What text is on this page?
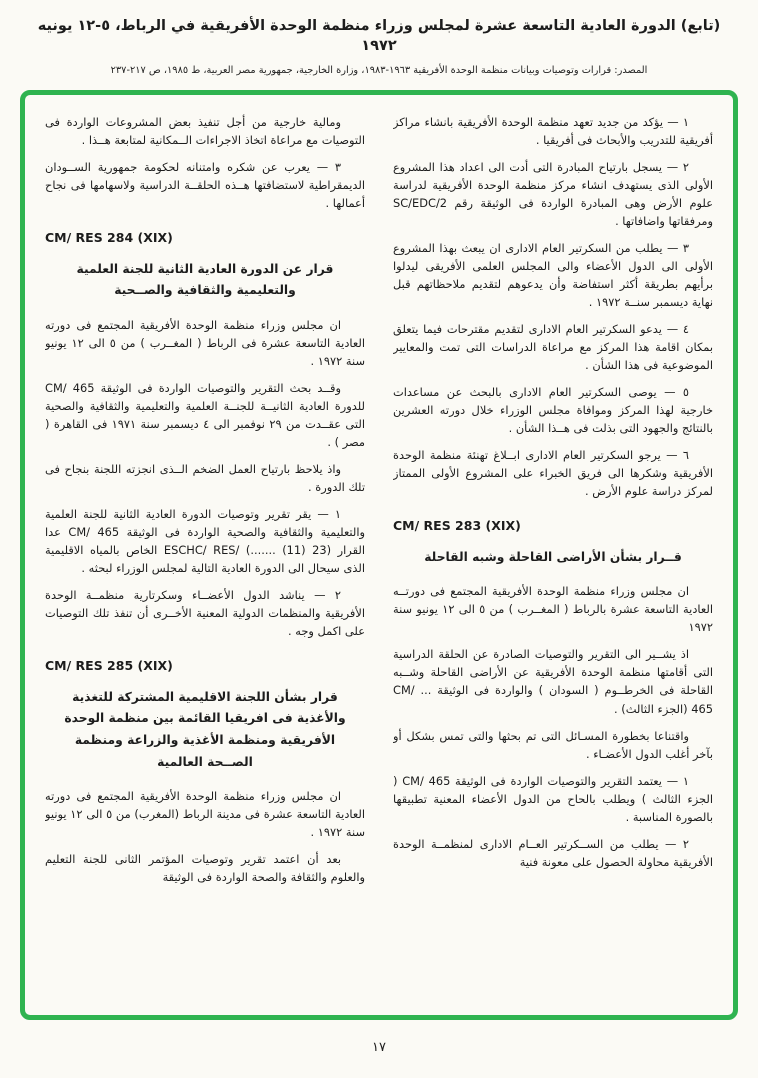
(تابع) الدورة العادية التاسعة عشرة لمجلس وزراء منظمة الوحدة الأفريقية في الرباط، ٥-١٢ يونيه ١٩٧٢

المصدر: قرارات وتوصيات وبيانات منظمة الوحدة الأفريقية ١٩٦٣-١٩٨٣، وزارة الخارجية، جمهورية مصر العربية، ط ١٩٨٥، ص ٢١٧-٢٣٧

١ — يؤكد من جديد تعهد منظمة الوحدة الأفريقية بانشاء مراكز أفريقية للتدريب والأبحاث فى أفريقيا .

٢ — يسجل بارتياح المبادرة التى أدت الى اعداد هذا المشروع الأولى الذى يستهدف انشاء مركز منظمة الوحدة الأفريقية لدراسة علوم الأرض وهى المبادرة الواردة فى الوثيقة رقم SC/EDC/2 ومرفقاتها واضافاتها .

٣ — يطلب من السكرتير العام الادارى ان يبعث بهذا المشروع الأولى الى الدول الأعضاء والى المجلس العلمى الأفريقى ليدلوا برأيهم بطريقة أكثر استفاضة وأن يدعوهم لتقديم ملاحظاتهم قبل نهاية ديسمبر سنــة ١٩٧٢ .

٤ — يدعو السكرتير العام الادارى لتقديم مقترحات فيما يتعلق بمكان اقامة هذا المركز مع مراعاة الدراسات التى تمت والمعايير الموضوعية فى هذا الشأن .

٥ — يوصى السكرتير العام الادارى بالبحث عن مساعدات خارجية لهذا المركز وموافاة مجلس الوزراء خلال دورته العشرين بالنتائج والجهود التى بذلت فى هــذا الشأن .

٦ — يرجو السكرتير العام الادارى ابــلاغ تهنئة منظمة الوحدة الأفريقية وشكرها الى فريق الخبراء على المشروع الأولى الممتاز لمركز دراسة علوم الأرض .

CM/ RES 283 (XIX)
قــرار بشأن الأراضى القاحلة وشبه القاحلة

ان مجلس وزراء منظمة الوحدة الأفريقية المجتمع فى دورتــه العادية التاسعة عشرة بالرباط ( المغــرب ) من ٥ الى ١٢ يونيو سنة ١٩٧٢

اذ يشــير الى التقرير والتوصيات الصادرة عن الحلقة الدراسية التى أقامتها منظمة الوحدة الأفريقية عن الأراضى القاحلة وشــبه القاحلة فى الخرطــوم ( السودان ) والواردة فى الوثيقة ... CM/ 465 (الجزء الثالث) .

واقتناعا بخطورة المسـائل التى تم بحثها والتى تمس بشكل أو بآخر أغلب الدول الأعضـاء .

١ — يعتمد التقرير والتوصيات الواردة فى الوثيقة CM/ 465 ( الجزء الثالث ) ويطلب بالحاح من الدول الأعضاء المعنية تطبيقها بالصورة المناسبة .

٢ — يطلب من الســكرتير العــام الادارى لمنظمــة الوحدة الأفريقية محاولة الحصول على معونة فنية

ومالية خارجية من أجل تنفيذ بعض المشروعات الواردة فى التوصيات مع مراعاة اتخاذ الاجراءات الــمكانية لمتابعة هــذا .

٣ — يعرب عن شكره وامتنانه لحكومة جمهورية الســودان الديمقراطية لاستضافتها هــذه الحلقــة الدراسية ولاسهامها فى نجاح أعمالها .

CM/ RES 284 (XIX)
قرار عن الدورة العادية الثانية للجنة العلمية والتعليمية والثقافية والصــحية

ان مجلس وزراء منظمة الوحدة الأفريقية المجتمع فى دورته العادية التاسعة عشرة فى الرباط ( المغــرب ) من ٥ الى ١٢ يونيو سنة ١٩٧٢ .

وقــد بحث التقرير والتوصيات الواردة فى الوثيقة CM/ 465 للدورة العادية الثانيــة للجنــة العلمية والتعليمية والثقافية والصحية التى عقــدت من ٢٩ نوفمبر الى ٤ ديسمبر سنة ١٩٧١ فى القاهرة ( مصر ) .

واذ يلاحظ بارتياح العمل الضخم الــذى انجزته اللجنة بنجاح فى تلك الدورة .

١ — يقر تقرير وتوصيات الدورة العادية الثانية للجنة العلمية والتعليمية والثقافية والصحية الواردة فى الوثيقة CM/ 465 عدا القرار (ESCHC/ RES/ (....... (11) 23 الخاص بالمياه الاقليمية الذى سيحال الى الدورة العادية التالية لمجلس الوزراء لبحثه .

٢ — يناشد الدول الأعضــاء وسكرتارية منظمــة الوحدة الأفريقية والمنظمات الدولية المعنية الأخــرى أن تنفذ تلك التوصيات على اكمل وجه .

CM/ RES 285 (XIX)
قرار بشأن اللجنة الاقليمية المشتركة للتغذية والأغذية فى افريقيا القائمة بين منظمة الوحدة الأفريقية ومنظمة الأغذية والزراعة ومنظمة الصــحة العالمية

ان مجلس وزراء منظمة الوحدة الأفريقية المجتمع فى دورته العادية التاسعة عشرة فى مدينة الرباط (المغرب) من ٥ الى ١٢ يونيو سنة ١٩٧٢ .

بعد أن اعتمد تقرير وتوصيات المؤتمر الثانى للجنة التعليم والعلوم والثقافة والصحة الواردة فى الوثيقة

١٧
